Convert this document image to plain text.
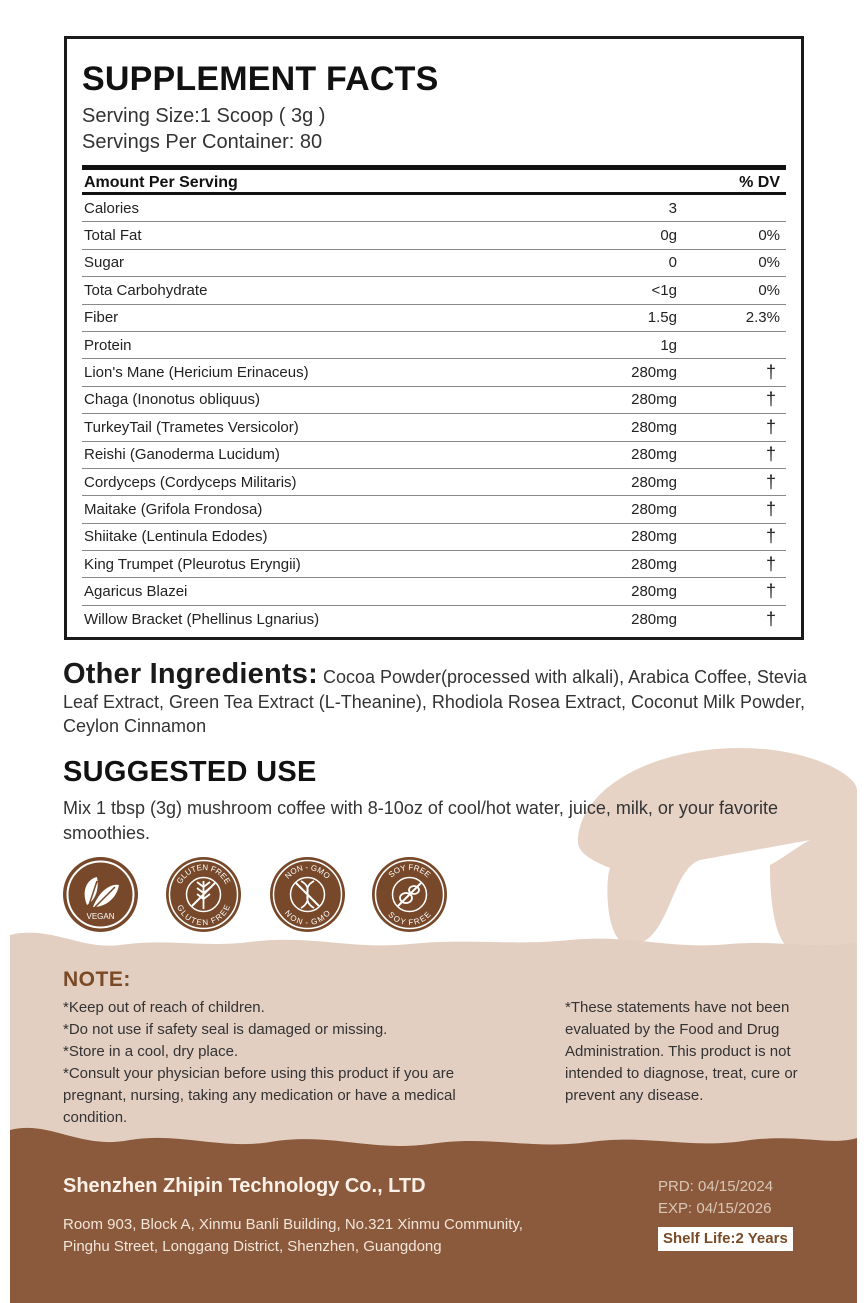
SUPPLEMENT FACTS
Serving Size:1 Scoop ( 3g )
Servings Per Container: 80
Amount Per Serving	% DV
Calories	3
Total Fat	0g	0%
Sugar	0	0%
Tota Carbohydrate	<1g	0%
Fiber	1.5g	2.3%
Protein	1g
Lion's Mane (Hericium Erinaceus)	280mg	†
Chaga (Inonotus obliquus)	280mg	†
TurkeyTail (Trametes Versicolor)	280mg	†
Reishi (Ganoderma Lucidum)	280mg	†
Cordyceps (Cordyceps Militaris)	280mg	†
Maitake (Grifola Frondosa)	280mg	†
Shiitake (Lentinula Edodes)	280mg	†
King Trumpet (Pleurotus Eryngii)	280mg	†
Agaricus Blazei	280mg	†
Willow Bracket (Phellinus Lgnarius)	280mg	†
Other Ingredients: Cocoa Powder(processed with alkali), Arabica Coffee, Stevia Leaf Extract, Green Tea Extract (L-Theanine), Rhodiola Rosea Extract, Coconut Milk Powder, Ceylon Cinnamon
SUGGESTED USE
Mix 1 tbsp (3g) mushroom coffee with 8-10oz of cool/hot water, juice, milk, or your favorite smoothies.
VEGAN
GLUTEN FREE
GLUTEN FREE
NON - GMO
NON - GMO
SOY FREE
SOY FREE
NOTE:
*Keep out of reach of children.
*Do not use if safety seal is damaged or missing.
*Store in a cool, dry place.
*Consult your physician before using this product if you are pregnant, nursing, taking any medication or have a medical condition.
*These statements have not been evaluated by the Food and Drug Administration. This product is not intended to diagnose, treat, cure or prevent any disease.
Shenzhen Zhipin Technology Co., LTD
Room 903, Block A, Xinmu Banli Building, No.321 Xinmu Community,
Pinghu Street, Longgang District, Shenzhen, Guangdong
PRD: 04/15/2024
EXP: 04/15/2026
Shelf Life:2 Years
